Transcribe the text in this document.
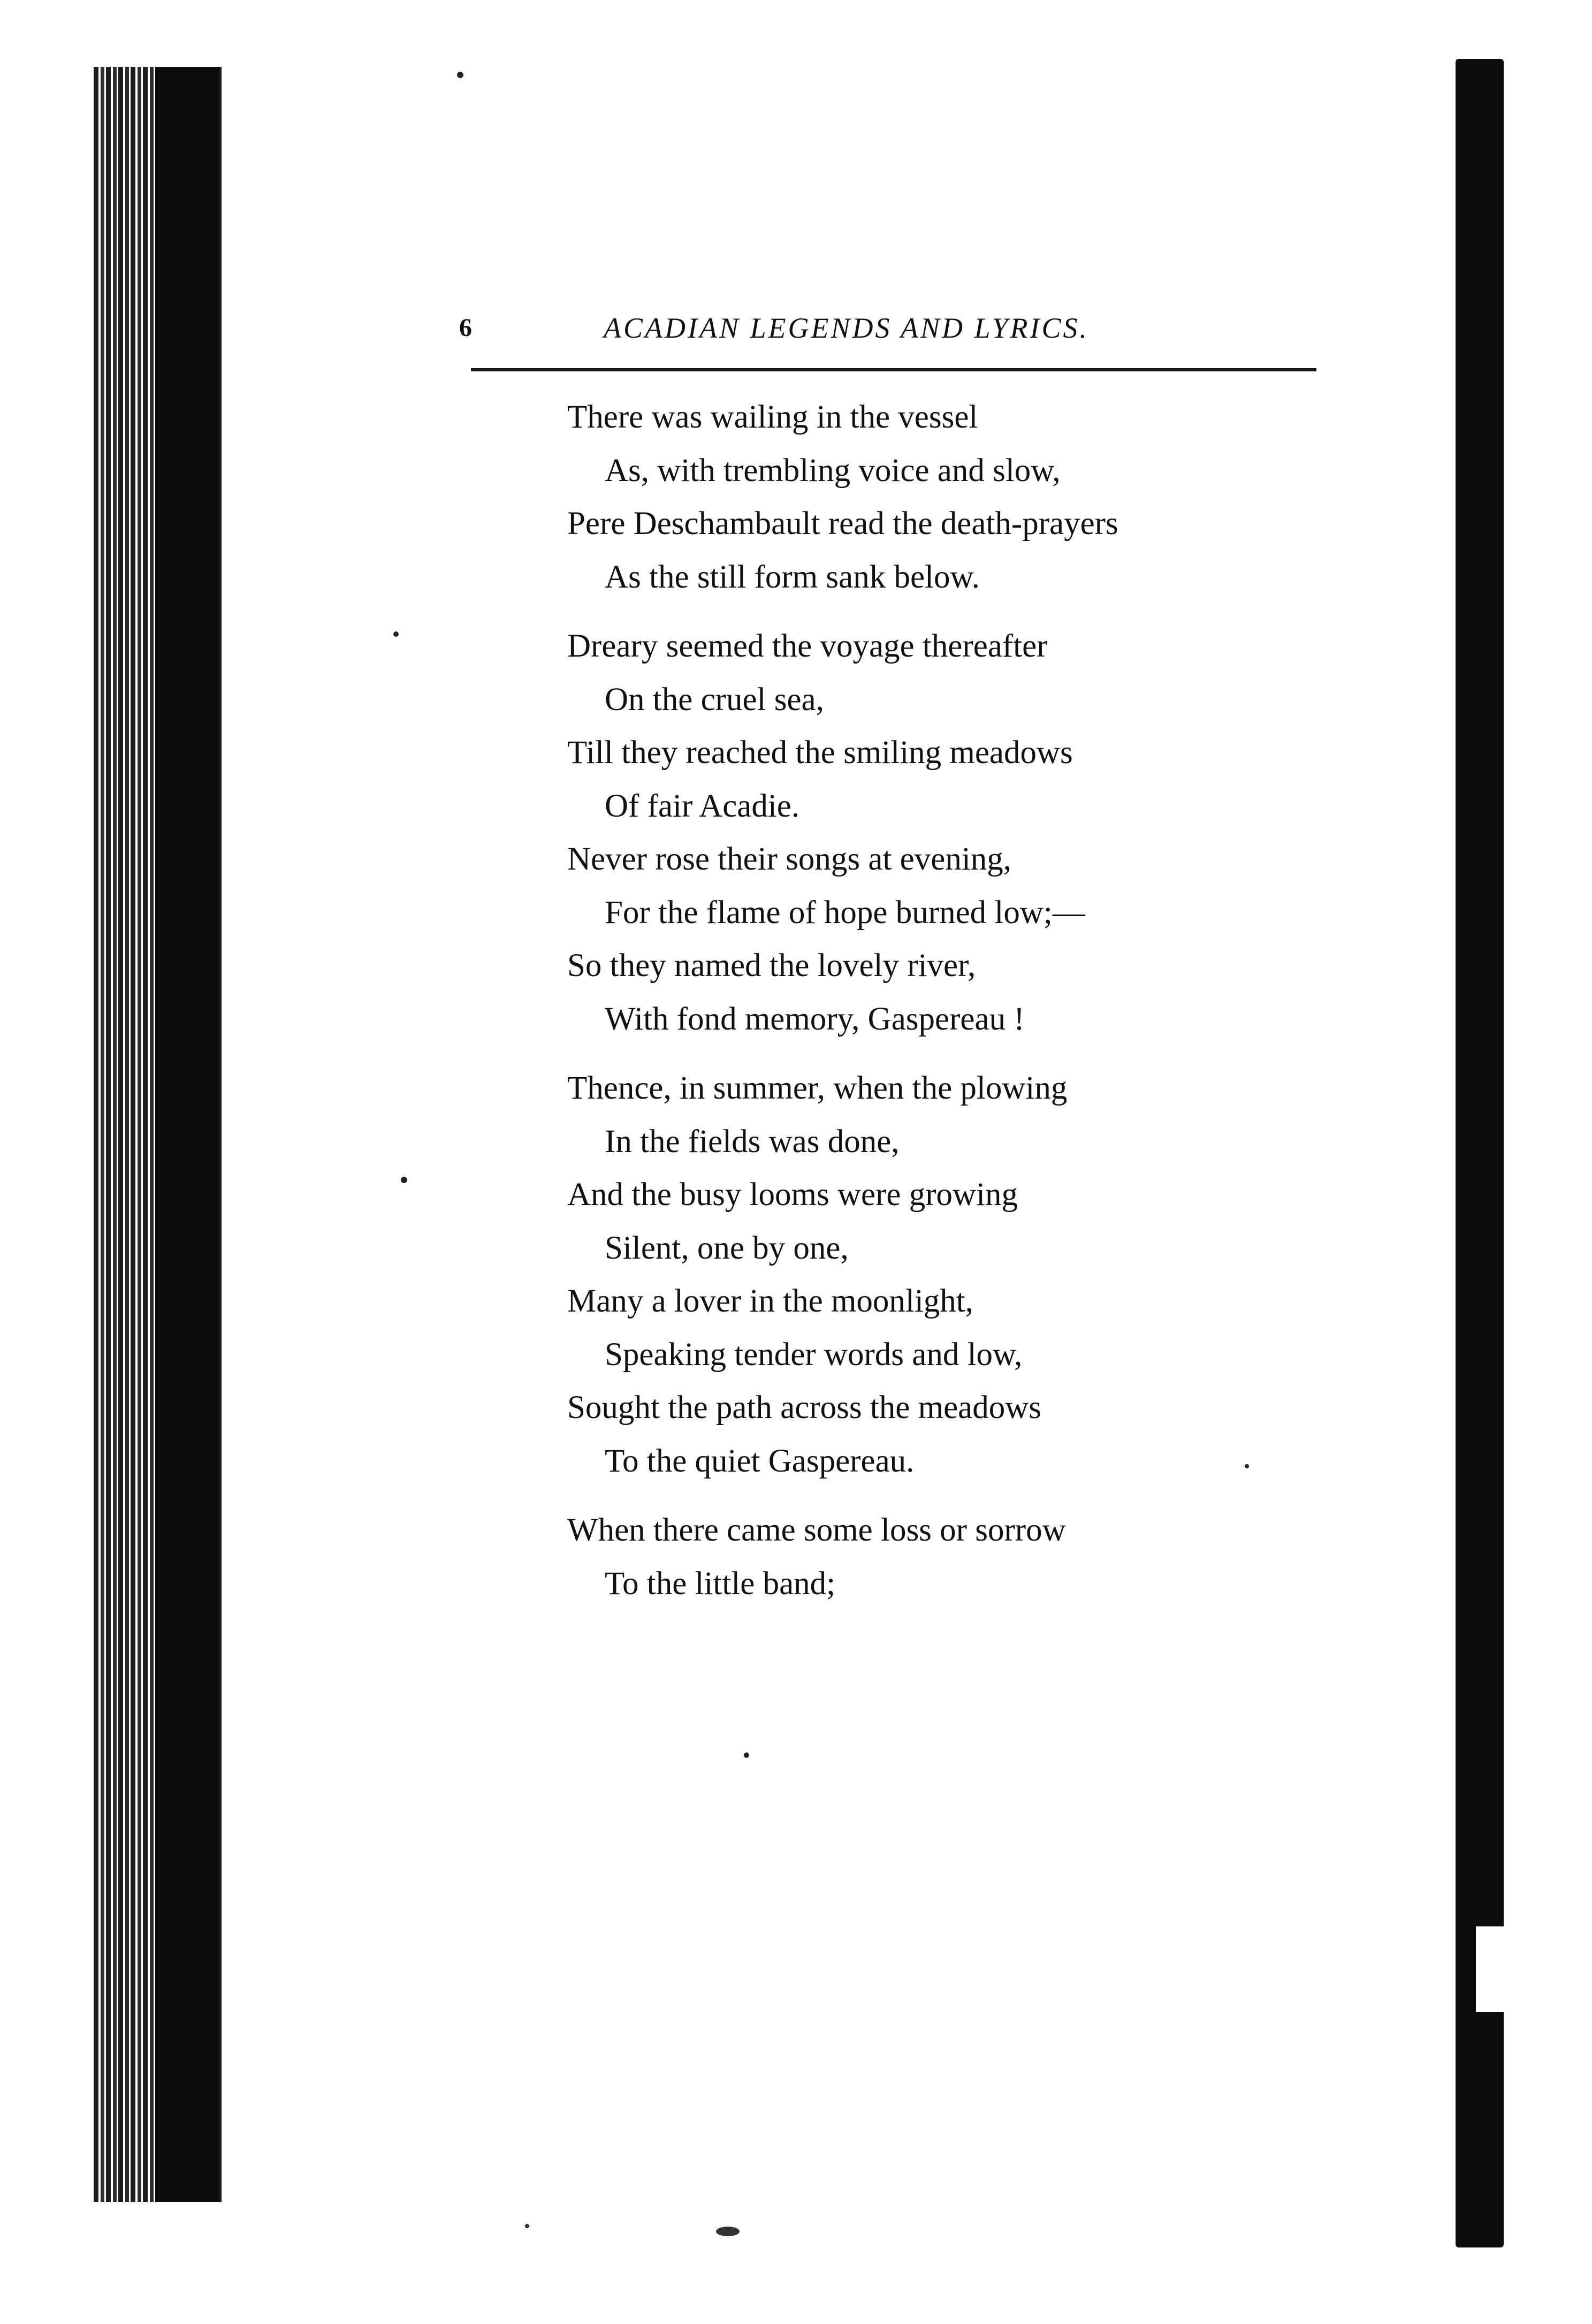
6	ACADIAN LEGENDS AND LYRICS.
There was wailing in the vessel
As, with trembling voice and slow,
Pere Deschambault read the death-prayers
As the still form sank below.
Dreary seemed the voyage thereafter
On the cruel sea,
Till they reached the smiling meadows
Of fair Acadie.
Never rose their songs at evening,
For the flame of hope burned low;—
So they named the lovely river,
With fond memory, Gaspereau !
Thence, in summer, when the plowing
In the fields was done,
And the busy looms were growing
Silent, one by one,
Many a lover in the moonlight,
Speaking tender words and low,
Sought the path across the meadows
To the quiet Gaspereau.
When there came some loss or sorrow
To the little band;
